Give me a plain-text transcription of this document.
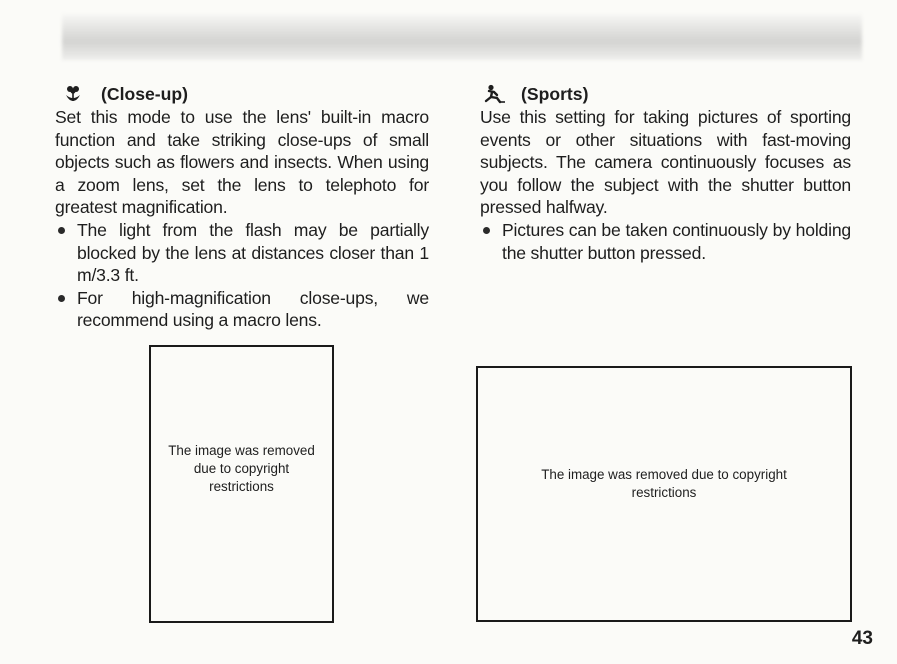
(Close-up)
Set this mode to use the lens' built-in macro function and take striking close-ups of small objects such as flowers and insects. When using a zoom lens, set the lens to telephoto for greatest magnification.
The light from the flash may be partially blocked by the lens at distances closer than 1 m/3.3 ft.
For high-magnification close-ups, we recommend using a macro lens.
(Sports)
Use this setting for taking pictures of sporting events or other situations with fast-moving subjects. The camera continuously focuses as you follow the subject with the shutter button pressed halfway.
Pictures can be taken continuously by holding the shutter button pressed.
The image was removed due to copyright restrictions
The image was removed due to copyright restrictions
43
